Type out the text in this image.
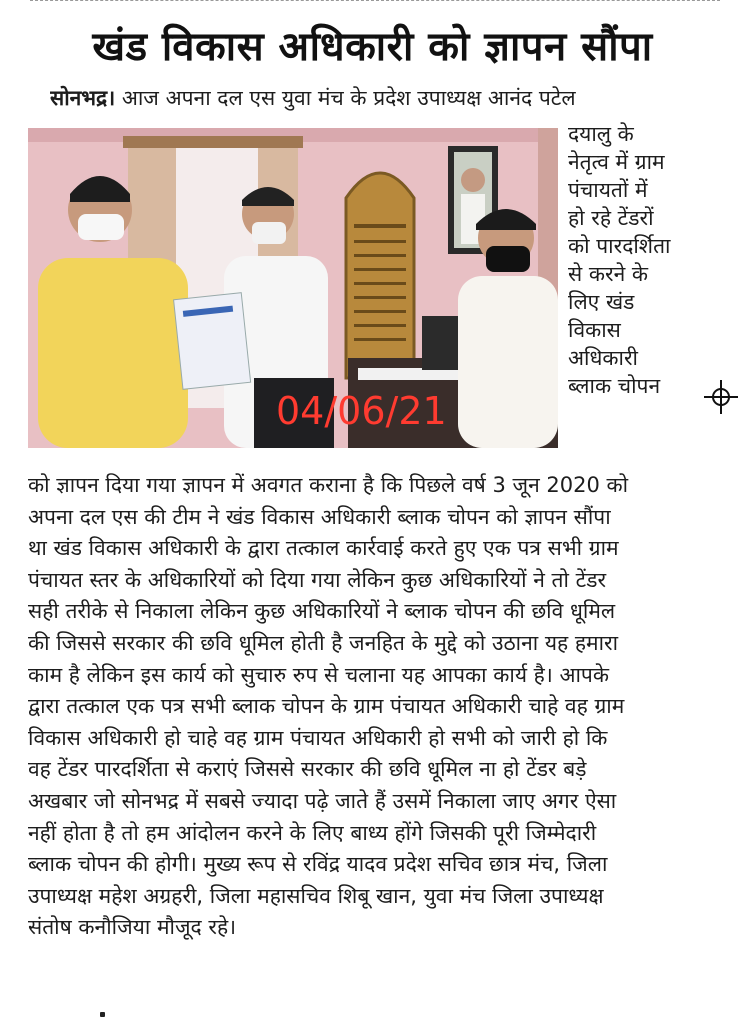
खंड विकास अधिकारी को ज्ञापन सौंपा
सोनभद्र। आज अपना दल एस युवा मंच के प्रदेश उपाध्यक्ष आनंद पटेल
04/06/21
दयालु के
नेतृत्व में ग्राम
पंचायतों में
हो रहे टेंडरों
को पारदर्शिता
से करने के
लिए खंड
विकास
अधिकारी
ब्लाक चोपन
को ज्ञापन दिया गया ज्ञापन में अवगत कराना है कि पिछले वर्ष 3 जून 2020 को
अपना दल एस की टीम ने खंड विकास अधिकारी ब्लाक चोपन को ज्ञापन सौंपा
था खंड विकास अधिकारी के द्वारा तत्काल कार्रवाई करते हुए एक पत्र सभी ग्राम
पंचायत स्तर के अधिकारियों को दिया गया लेकिन कुछ अधिकारियों ने तो टेंडर
सही तरीके से निकाला लेकिन कुछ अधिकारियों ने ब्लाक चोपन की छवि धूमिल
की जिससे सरकार की छवि धूमिल होती है जनहित के मुद्दे को उठाना यह हमारा
काम है लेकिन इस कार्य को सुचारु रुप से चलाना यह आपका कार्य है। आपके
द्वारा तत्काल एक पत्र सभी ब्लाक चोपन के ग्राम पंचायत अधिकारी चाहे वह ग्राम
विकास अधिकारी हो चाहे वह ग्राम पंचायत अधिकारी हो सभी को जारी हो कि
वह टेंडर पारदर्शिता से कराएं जिससे सरकार की छवि धूमिल ना हो टेंडर बड़े
अखबार जो सोनभद्र में सबसे ज्यादा पढ़े जाते हैं उसमें निकाला जाए अगर ऐसा
नहीं होता है तो हम आंदोलन करने के लिए बाध्य होंगे जिसकी पूरी जिम्मेदारी
ब्लाक चोपन की होगी। मुख्य रूप से रविंद्र यादव प्रदेश सचिव छात्र मंच, जिला
उपाध्यक्ष महेश अग्रहरी, जिला महासचिव शिबू खान, युवा मंच जिला उपाध्यक्ष
संतोष कनौजिया मौजूद रहे।
